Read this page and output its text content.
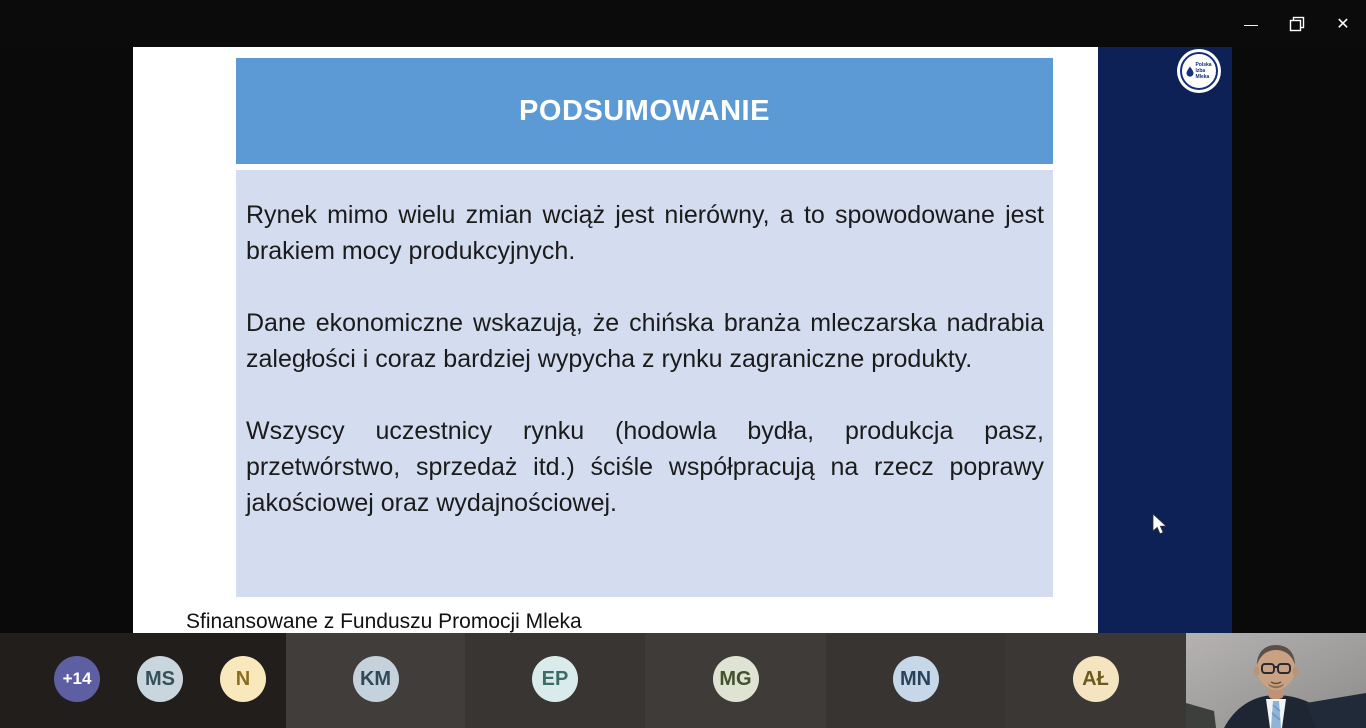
—	✕
PODSUMOWANIE

Rynek mimo wielu zmian wciąż jest nierówny, a to spowodowane jest brakiem mocy produkcyjnych.

Dane ekonomiczne wskazują, że chińska branża mleczarska nadrabia zaległości i coraz bardziej wypycha z rynku zagraniczne produkty.

Wszyscy uczestnicy rynku (hodowla bydła, produkcja pasz, przetwórstwo, sprzedaż itd.) ściśle współpracują na rzecz poprawy jakościowej oraz wydajnościowej.

Sfinansowane z Funduszu Promocji Mleka
Polska
Izba
Mleka
+14	MS	N	KM	EP	MG	MN	AŁ
